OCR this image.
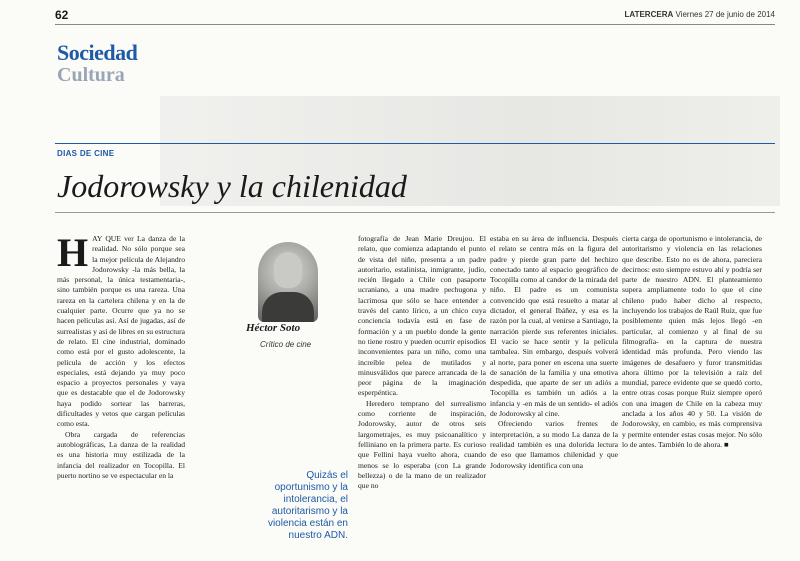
62	LATERCERA Viernes 27 de junio de 2014
Sociedad
Cultura
DIAS DE CINE
Jodorowsky y la chilenidad

HAY QUE ver La danza de la realidad. No sólo porque sea la mejor película de Alejandro Jodorowsky -la más bella, la más personal, la única testamentaria-, sino también porque es una rareza. Una rareza en la cartelera chilena y en la de cualquier parte. Ocurre que ya no se hacen películas así. Así de jugadas, así de surrealistas y así de libres en su estructura de relato. El cine industrial, dominado como está por el gusto adolescente, la película de acción y los efectos especiales, está dejando ya muy poco espacio a proyectos personales y vaya que es destacable que el de Jodorowsky haya podido sortear las barreras, dificultades y vetos que cargan películas como esta.

Obra cargada de referencias autobiográficas, La danza de la realidad es una historia muy estilizada de la infancia del realizador en Tocopilla. El puerto nortino se ve espectacular en la

Héctor Soto
Crítico de cine
Quizás el oportunismo y la intolerancia, el autoritarismo y la violencia están en nuestro ADN.

fotografía de Jean Marie Dreujou. El relato, que comienza adaptando el punto de vista del niño, presenta a un padre autoritario, estalinista, inmigrante, judío, recién llegado a Chile con pasaporte ucraniano, a una madre pechugona y lacrimosa que sólo se hace entender a través del canto lírico, a un chico cuya conciencia todavía está en fase de formación y a un pueblo donde la gente no tiene rostro y pueden ocurrir episodios inconvenientes para un niño, como una increíble pelea de mutilados y minusválidos que parece arrancada de la peor página de la imaginación esperpéntica.

Heredero temprano del surrealismo como corriente de inspiración, Jodorowsky, autor de otros seis largometrajes, es muy psicoanalítico y felliniano en la primera parte. Es curioso que Fellini haya vuelto ahora, cuando menos se lo esperaba (con La grande bellezza) o de la mano de un realizador que no

estaba en su área de influencia. Después el relato se centra más en la figura del padre y pierde gran parte del hechizo conectado tanto al espacio geográfico de Tocopilla como al candor de la mirada del niño. El padre es un comunista convencido que está resuelto a matar al dictador, el general Ibáñez, y esa es la razón por la cual, al venirse a Santiago, la narración pierde sus referentes iniciales. El vacío se hace sentir y la película tambalea. Sin embargo, después volverá al norte, para poner en escena una suerte de sanación de la familia y una emotiva despedida, que aparte de ser un adiós a Tocopilla es también un adiós a la infancia y -en más de un sentido- el adiós de Jodorowsky al cine.

Ofreciendo varios frentes de interpretación, a su modo La danza de la realidad también es una dolorida lectura de eso que llamamos chilenidad y que Jodorowsky identifica con una

cierta carga de oportunismo e intolerancia, de autoritarismo y violencia en las relaciones que describe. Esto no es de ahora, pareciera decirnos: esto siempre estuvo ahí y podría ser parte de nuestro ADN. El planteamiento supera ampliamente todo lo que el cine chileno pudo haber dicho al respecto, incluyendo los trabajos de Raúl Ruiz, que fue posiblemente quien más lejos llegó -en particular, al comienzo y al final de su filmografía- en la captura de nuestra identidad más profunda. Pero viendo las imágenes de desafuero y furor transmitidas ahora último por la televisión a raíz del mundial, parece evidente que se quedó corto, entre otras cosas porque Ruiz siempre operó con una imagen de Chile en la cabeza muy anclada a los años 40 y 50. La visión de Jodorowsky, en cambio, es más comprensiva y permite entender estas cosas mejor. No sólo lo de antes. También lo de ahora. ■
